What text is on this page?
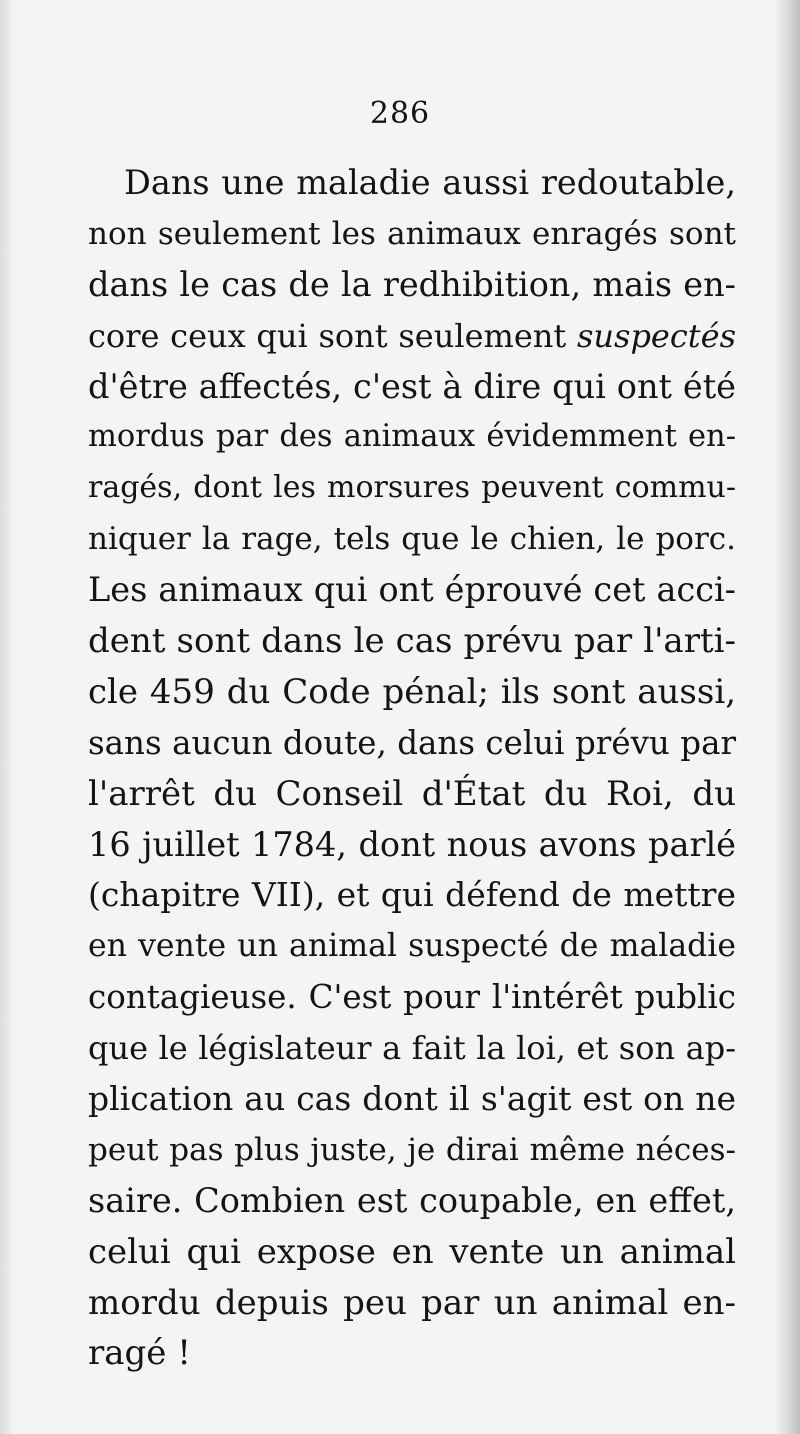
286
Dans une maladie aussi redoutable,
non seulement les animaux enragés sont
dans le cas de la redhibition, mais en-
core ceux qui sont seulement suspectés
d'être affectés, c'est à dire qui ont été
mordus par des animaux évidemment en-
ragés, dont les morsures peuvent commu-
niquer la rage, tels que le chien, le porc.
Les animaux qui ont éprouvé cet acci-
dent sont dans le cas prévu par l'arti-
cle 459 du Code pénal; ils sont aussi,
sans aucun doute, dans celui prévu par
l'arrêt du Conseil d'État du Roi, du
16 juillet 1784, dont nous avons parlé
(chapitre VII), et qui défend de mettre
en vente un animal suspecté de maladie
contagieuse. C'est pour l'intérêt public
que le législateur a fait la loi, et son ap-
plication au cas dont il s'agit est on ne
peut pas plus juste, je dirai même néces-
saire. Combien est coupable, en effet,
celui qui expose en vente un animal
mordu depuis peu par un animal en-
ragé !
